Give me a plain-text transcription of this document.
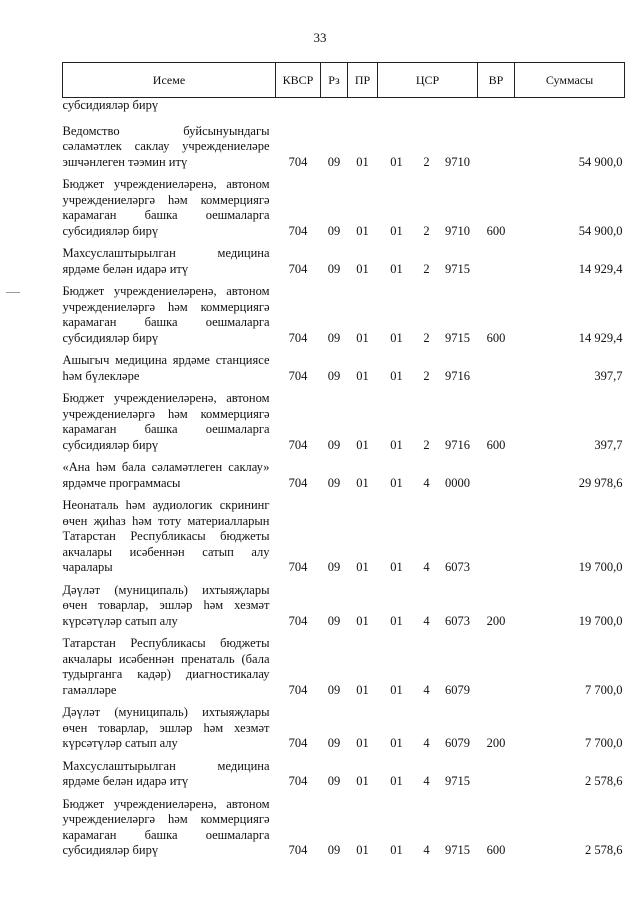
33
Исеме	КВСР	Рз	ПР	ЦСР			ВР	Суммасы
субсидияләр бирү								
Ведомство буйсынуындагы сәламәтлек саклау учреждениеләре эшчәнлеген тәэмин итү	704	09	01	01	2	9710		54 900,0
Бюджет учреждениеләренә, автоном учреждениеләргә һәм коммерциягә карамаган башка оешмаларга субсидияләр бирү	704	09	01	01	2	9710	600	54 900,0
Махсуслаштырылган медицина ярдәме белән идарә итү	704	09	01	01	2	9715		14 929,4
Бюджет учреждениеләренә, автоном учреждениеләргә һәм коммерциягә карамаган башка оешмаларга субсидияләр бирү	704	09	01	01	2	9715	600	14 929,4
Ашыгыч медицина ярдәме станциясе һәм бүлекләре	704	09	01	01	2	9716		397,7
Бюджет учреждениеләренә, автоном учреждениеләргә һәм коммерциягә карамаган башка оешмаларга субсидияләр бирү	704	09	01	01	2	9716	600	397,7
«Ана һәм бала сәламәтлеген саклау» ярдәмче программасы	704	09	01	01	4	0000		29 978,6
Неонаталь һәм аудиологик скрининг өчен җиһаз һәм тоту материалларын Татарстан Республикасы бюджеты акчалары исәбеннән сатып алу чаралары	704	09	01	01	4	6073		19 700,0
Дәүләт (муниципаль) ихтыяҗлары өчен товарлар, эшләр һәм хезмәт күрсәтүләр сатып алу	704	09	01	01	4	6073	200	19 700,0
Татарстан Республикасы бюджеты акчалары исәбеннән пренаталь (бала тудырганга кадәр) диагностикалау гамәлләре	704	09	01	01	4	6079		7 700,0
Дәүләт (муниципаль) ихтыяҗлары өчен товарлар, эшләр һәм хезмәт күрсәтүләр сатып алу	704	09	01	01	4	6079	200	7 700,0
Махсуслаштырылган медицина ярдәме белән идарә итү	704	09	01	01	4	9715		2 578,6
Бюджет учреждениеләренә, автоном учреждениеләргә һәм коммерциягә карамаган башка оешмаларга субсидияләр бирү	704	09	01	01	4	9715	600	2 578,6
